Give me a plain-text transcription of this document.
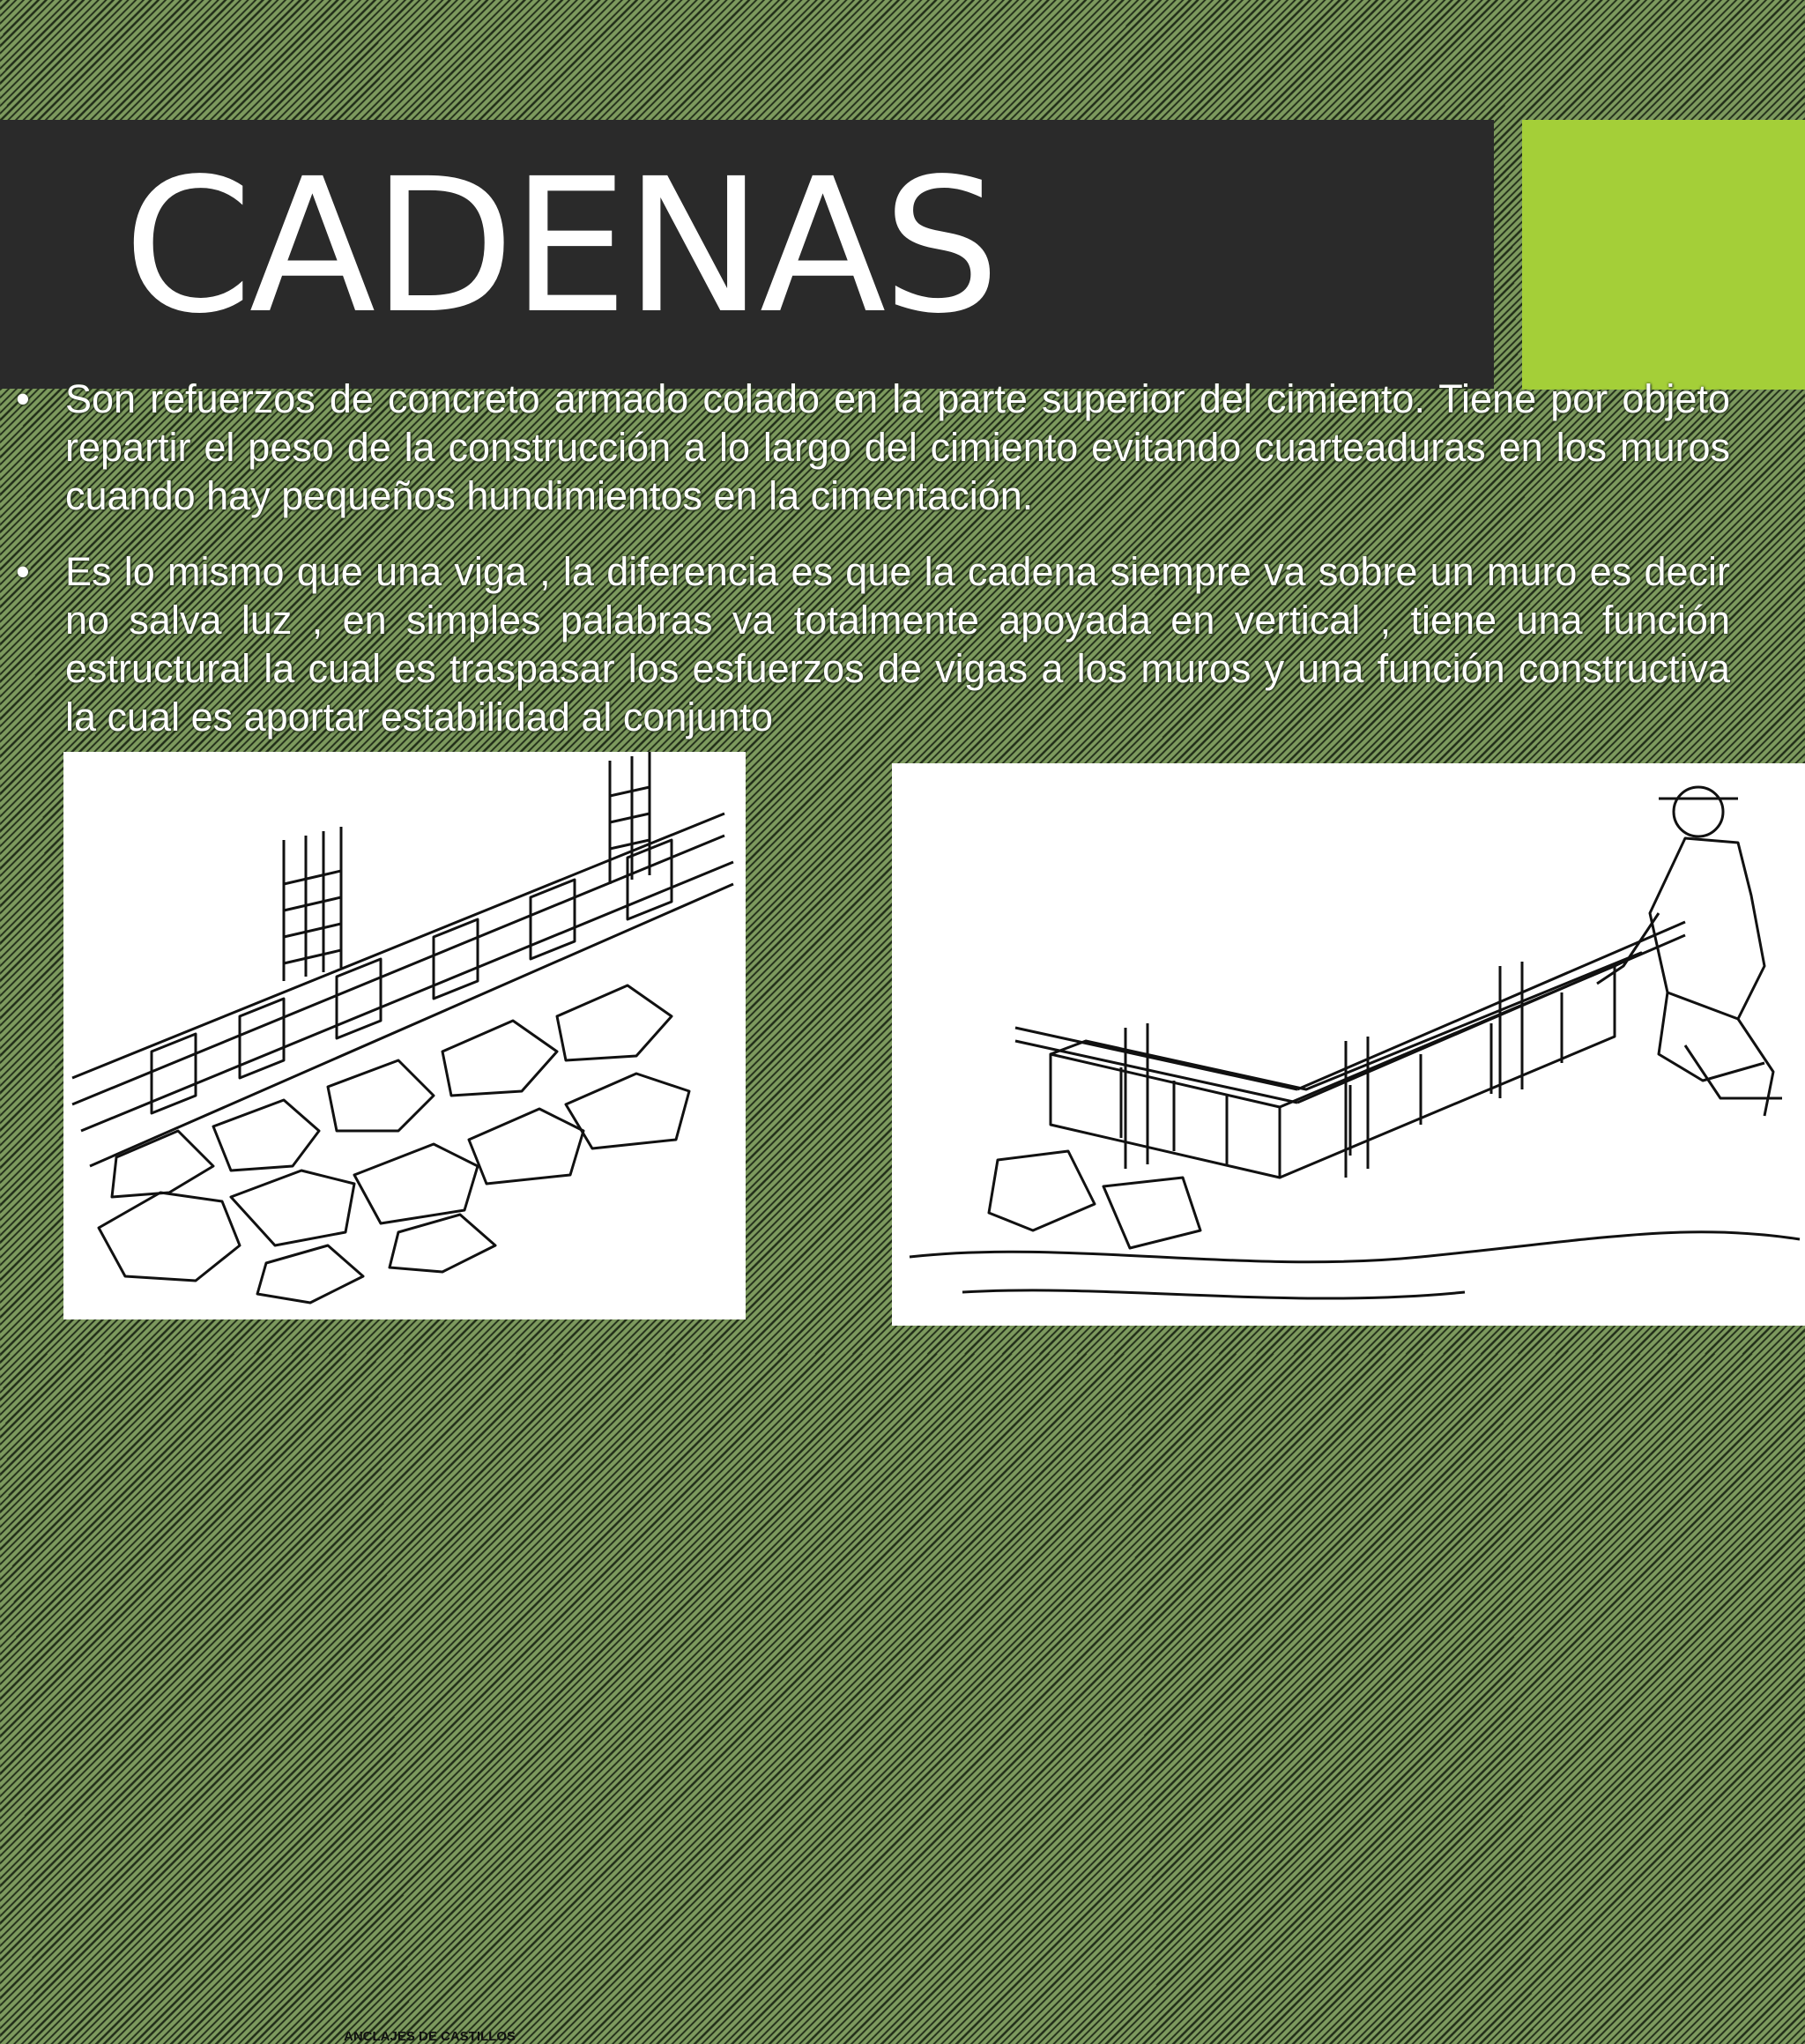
CADENAS
• Son refuerzos de concreto armado colado en la parte superior del cimiento. Tiene por objeto repartir el peso de la construcción a lo largo del cimiento evitando cuarteaduras en los muros cuando hay pequeños hundimientos en la cimentación.
• Es lo mismo que una viga , la diferencia es que la cadena siempre va sobre un muro es decir no salva luz , en simples palabras va totalmente apoyada en vertical , tiene una función estructural la cual es traspasar los esfuerzos de vigas a los muros y una función constructiva la cual es aportar estabilidad al conjunto

ANCLAJES DE CASTILLOS
